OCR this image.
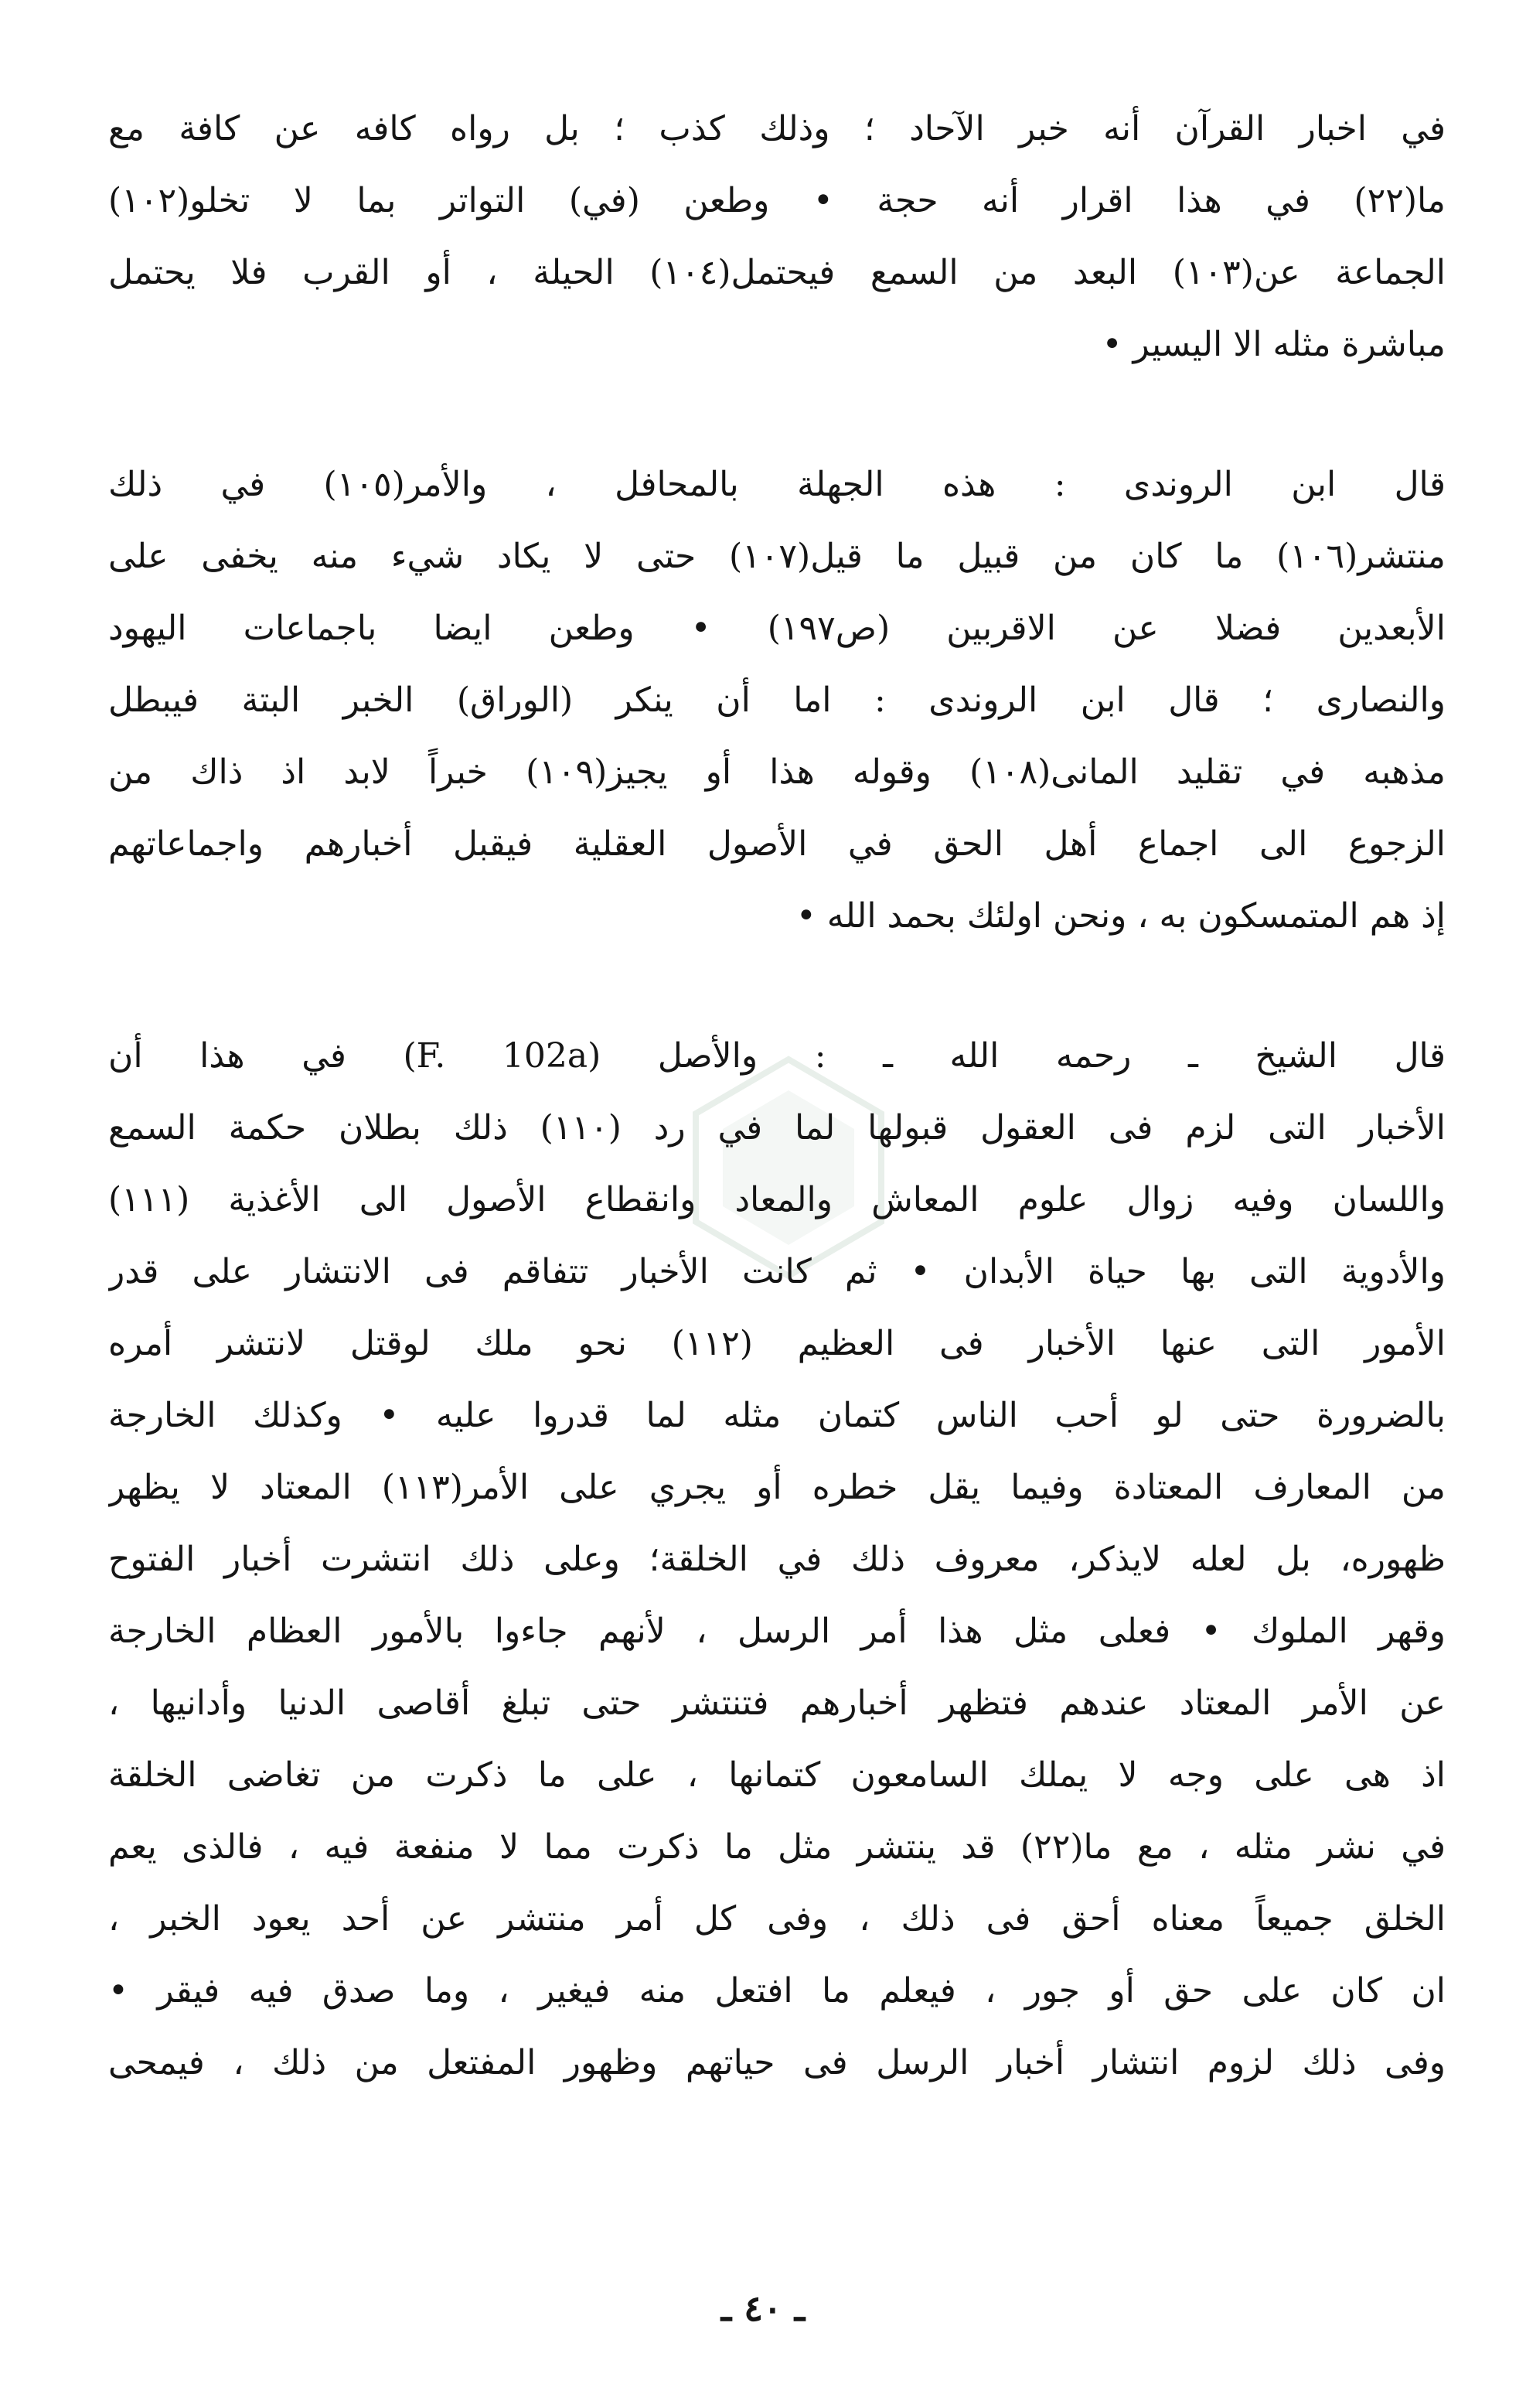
في اخبار القرآن أنه خبر الآحاد ؛ وذلك كذب ؛ بل رواه كافه عن كافة مع
ما(٢٢) في هذا اقرار أنه حجة • وطعن (في) التواتر بما لا تخلو(١٠٢)
الجماعة عن(١٠٣) البعد من السمع فيحتمل(١٠٤) الحيلة ، أو القرب فلا يحتمل
مباشرة مثله الا اليسير •
قال ابن الروندى : هذه الجهلة بالمحافل ، والأمر(١٠٥) في ذلك
منتشر(١٠٦) ما كان من قبيل ما قيل(١٠٧) حتى لا يكاد شيء منه يخفى على
الأبعدين فضلا عن الاقربين (ص١٩٧) • وطعن ايضا باجماعات اليهود
والنصارى ؛ قال ابن الروندى : اما أن ينكر (الوراق) الخبر البتة فيبطل
مذهبه في تقليد المانى(١٠٨) وقوله هذا أو يجيز(١٠٩) خبراً لابد اذ ذاك من
الزجوع الى اجماع أهل الحق في الأصول العقلية فيقبل أخبارهم واجماعاتهم
إذ هم المتمسكون به ، ونحن اولئك بحمد الله •
قال الشيخ ـ رحمه الله ـ : والأصل (F. 102a) في هذا أن
الأخبار التى لزم فى العقول قبولها لما في رد (١١٠) ذلك بطلان حكمة السمع
واللسان وفيه زوال علوم المعاش والمعاد وانقطاع الأصول الى الأغذية (١١١)
والأدوية التى بها حياة الأبدان • ثم كانت الأخبار تتفاقم فى الانتشار على قدر
الأمور التى عنها الأخبار فى العظيم (١١٢) نحو ملك لوقتل لانتشر أمره
بالضرورة حتى لو أحب الناس كتمان مثله لما قدروا عليه • وكذلك الخارجة
من المعارف المعتادة وفيما يقل خطره أو يجري على الأمر(١١٣) المعتاد لا يظهر
ظهوره، بل لعله لايذكر، معروف ذلك في الخلقة؛ وعلى ذلك انتشرت أخبار الفتوح
وقهر الملوك • فعلى مثل هذا أمر الرسل ، لأنهم جاءوا بالأمور العظام الخارجة
عن الأمر المعتاد عندهم فتظهر أخبارهم فتنتشر حتى تبلغ أقاصى الدنيا وأدانيها ،
اذ هى على وجه لا يملك السامعون كتمانها ، على ما ذكرت من تغاضى الخلقة
في نشر مثله ، مع ما(٢٢) قد ينتشر مثل ما ذكرت مما لا منفعة فيه ، فالذى يعم
الخلق جميعاً معناه أحق فى ذلك ، وفى كل أمر منتشر عن أحد يعود الخبر ،
ان كان على حق أو جور ، فيعلم ما افتعل منه فيغير ، وما صدق فيه فيقر •
وفى ذلك لزوم انتشار أخبار الرسل فى حياتهم وظهور المفتعل من ذلك ، فيمحى
ـ ٤٠ ـ
